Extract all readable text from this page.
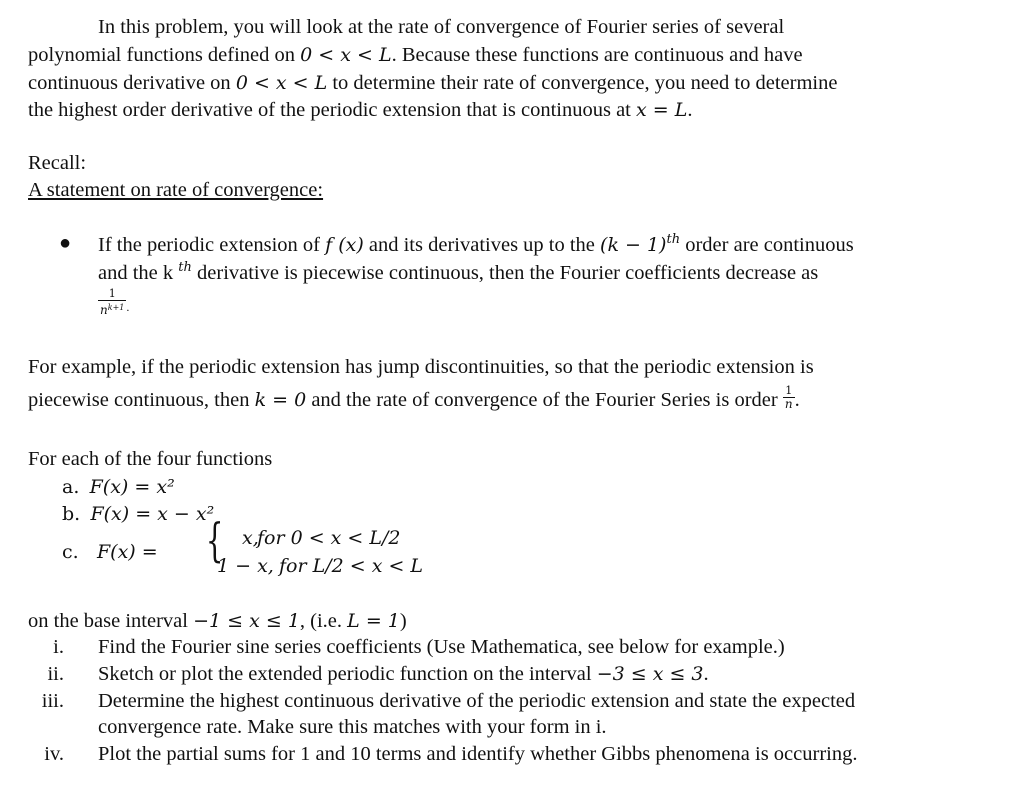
In this problem, you will look at the rate of convergence of Fourier series of several
polynomial functions defined on 0 < x < L. Because these functions are continuous and have
continuous derivative on 0 < x < L to determine their rate of convergence, you need to determine
the highest order derivative of the periodic extension that is continuous at x = L.
Recall:
A statement on rate of convergence:
● If the periodic extension of f (x) and its derivatives up to the $(k - 1)^{th}$ order are continuous
and the k $^{th}$ derivative is piecewise continuous, then the Fourier coefficients decrease as
$\frac{1}{n^{k+1}}$ .
For example, if the periodic extension has jump discontinuities, so that the periodic extension is
piecewise continuous, then k = 0 and the rate of convergence of the Fourier Series is order $\frac{1}{n}$ .
For each of the four functions
a. F(x) = x²
b. F(x) = x − x²
c. F(x) = { x,
for 0 < x < L/2
1 − x, for L/2 < x < L
on the base interval −1 ≤ x ≤ 1, (i.e. L = 1)
i. Find the Fourier sine series coefficients (Use Mathematica, see below for example.)
ii. Sketch or plot the extended periodic function on the interval −3 ≤ x ≤ 3.
iii. Determine the highest continuous derivative of the periodic extension and state the expected
convergence rate. Make sure this matches with your form in i.
iv. Plot the partial sums for 1 and 10 terms and identify whether Gibbs phenomena is occurring.
